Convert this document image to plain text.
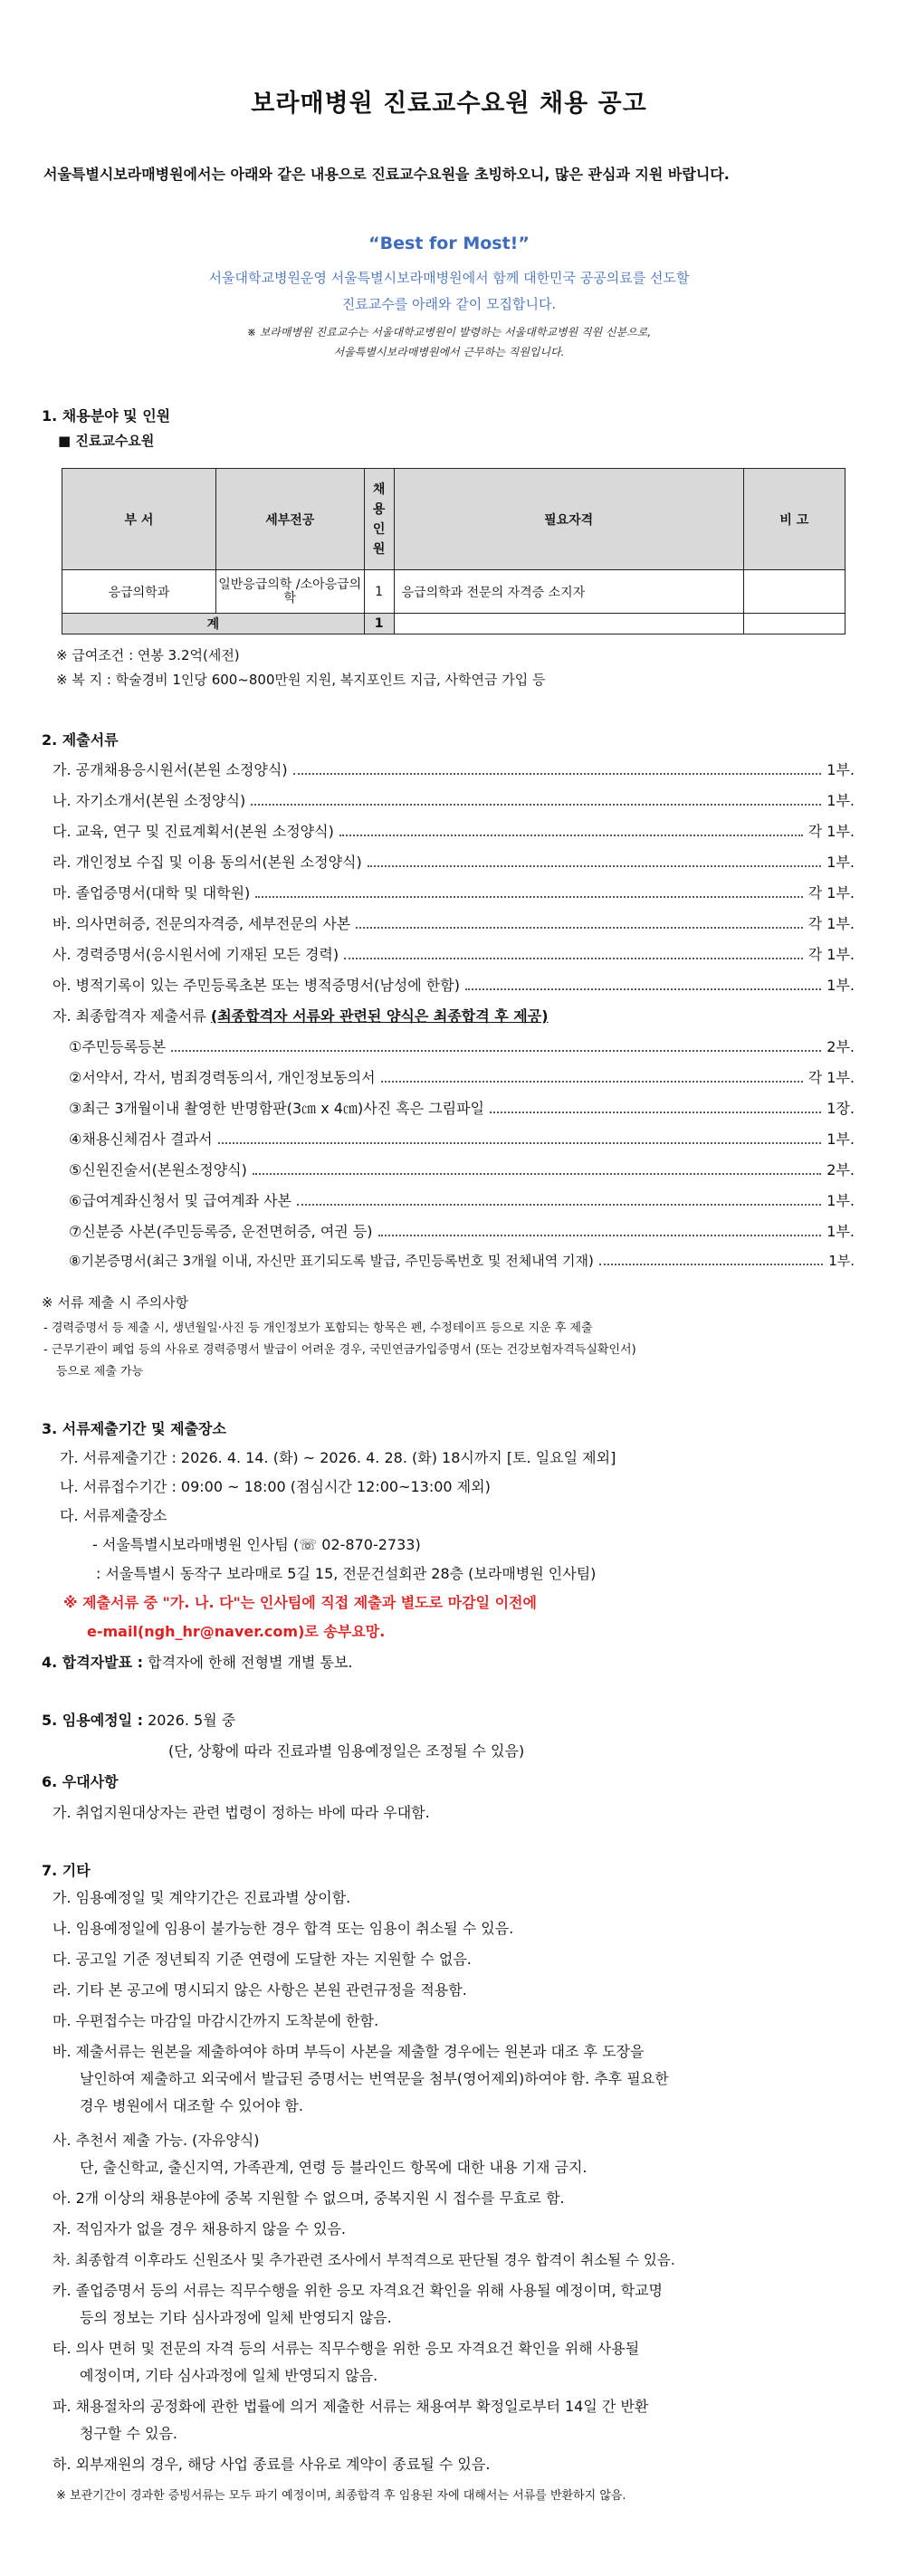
보라매병원 진료교수요원 채용 공고
서울특별시보라매병원에서는 아래와 같은 내용으로 진료교수요원을 초빙하오니, 많은 관심과 지원 바랍니다.
“Best for Most!”
서울대학교병원운영 서울특별시보라매병원에서 함께 대한민국 공공의료를 선도할
진료교수를 아래와 같이 모집합니다.
※ 보라매병원 진료교수는 서울대학교병원이 발령하는 서울대학교병원 직원 신분으로,
서울특별시보라매병원에서 근무하는 직원입니다.
1. 채용분야 및 인원
■ 진료교수요원
부 서	세부전공	채 용 인 원	필요자격	비 고
응급의학과	일반응급의학 /소아응급의학	1	응급의학과 전문의 자격증 소지자	
계		1		
※ 급여조건 : 연봉 3.2억(세전)
※ 복 지 : 학술경비 1인당 600~800만원 지원, 복지포인트 지급, 사학연금 가입 등
2. 제출서류
가. 공개채용응시원서(본원 소정양식)	1부.
나. 자기소개서(본원 소정양식)	1부.
다. 교육, 연구 및 진료계획서(본원 소정양식)	각 1부.
라. 개인정보 수집 및 이용 동의서(본원 소정양식)	1부.
마. 졸업증명서(대학 및 대학원)	각 1부.
바. 의사면허증, 전문의자격증, 세부전문의 사본	각 1부.
사. 경력증명서(응시원서에 기재된 모든 경력)	각 1부.
아. 병적기록이 있는 주민등록초본 또는 병적증명서(남성에 한함)	1부.
자. 최종합격자 제출서류 (최종합격자 서류와 관련된 양식은 최종합격 후 제공)
①주민등록등본	2부.
②서약서, 각서, 범죄경력동의서, 개인정보동의서	각 1부.
③최근 3개월이내 촬영한 반명함판(3㎝ x 4㎝)사진 혹은 그림파일	1장.
④채용신체검사 결과서	1부.
⑤신원진술서(본원소정양식)	2부.
⑥급여계좌신청서 및 급여계좌 사본	1부.
⑦신분증 사본(주민등록증, 운전면허증, 여권 등)	1부.
⑧기본증명서(최근 3개월 이내, 자신만 표기되도록 발급, 주민등록번호 및 전체내역 기재)	1부.
※ 서류 제출 시 주의사항
- 경력증명서 등 제출 시, 생년월일·사진 등 개인정보가 포함되는 항목은 펜, 수정테이프 등으로 지운 후 제출
- 근무기관이 폐업 등의 사유로 경력증명서 발급이 어려운 경우, 국민연금가입증명서 (또는 건강보험자격득실확인서)
등으로 제출 가능
3. 서류제출기간 및 제출장소
가. 서류제출기간 : 2026. 4. 14. (화) ~ 2026. 4. 28. (화) 18시까지 [토. 일요일 제외]
나. 서류접수기간 : 09:00 ~ 18:00 (점심시간 12:00~13:00 제외)
다. 서류제출장소
- 서울특별시보라매병원 인사팀 (☏ 02-870-2733)
: 서울특별시 동작구 보라매로 5길 15, 전문건설회관 28층 (보라매병원 인사팀)
※ 제출서류 중 "가. 나. 다"는 인사팀에 직접 제출과 별도로 마감일 이전에
e-mail(ngh_hr@naver.com)로 송부요망.
4. 합격자발표 : 합격자에 한해 전형별 개별 통보.
5. 임용예정일 : 2026. 5월 중
(단, 상황에 따라 진료과별 임용예정일은 조정될 수 있음)
6. 우대사항
가. 취업지원대상자는 관련 법령이 정하는 바에 따라 우대함.
7. 기타
가. 임용예정일 및 계약기간은 진료과별 상이함.
나. 임용예정일에 임용이 불가능한 경우 합격 또는 임용이 취소될 수 있음.
다. 공고일 기준 정년퇴직 기준 연령에 도달한 자는 지원할 수 없음.
라. 기타 본 공고에 명시되지 않은 사항은 본원 관련규정을 적용함.
마. 우편접수는 마감일 마감시간까지 도착분에 한함.
바. 제출서류는 원본을 제출하여야 하며 부득이 사본을 제출할 경우에는 원본과 대조 후 도장을
날인하여 제출하고 외국에서 발급된 증명서는 번역문을 첨부(영어제외)하여야 함. 추후 필요한
경우 병원에서 대조할 수 있어야 함.
사. 추천서 제출 가능. (자유양식)
단, 출신학교, 출신지역, 가족관계, 연령 등 블라인드 항목에 대한 내용 기재 금지.
아. 2개 이상의 채용분야에 중복 지원할 수 없으며, 중복지원 시 접수를 무효로 함.
자. 적임자가 없을 경우 채용하지 않을 수 있음.
차. 최종합격 이후라도 신원조사 및 추가관련 조사에서 부적격으로 판단될 경우 합격이 취소될 수 있음.
카. 졸업증명서 등의 서류는 직무수행을 위한 응모 자격요건 확인을 위해 사용될 예정이며, 학교명
등의 정보는 기타 심사과정에 일체 반영되지 않음.
타. 의사 면허 및 전문의 자격 등의 서류는 직무수행을 위한 응모 자격요건 확인을 위해 사용될
예정이며, 기타 심사과정에 일체 반영되지 않음.
파. 채용절차의 공정화에 관한 법률에 의거 제출한 서류는 채용여부 확정일로부터 14일 간 반환
청구할 수 있음.
하. 외부재원의 경우, 해당 사업 종료를 사유로 계약이 종료될 수 있음.
※ 보관기간이 경과한 증빙서류는 모두 파기 예정이며, 최종합격 후 임용된 자에 대해서는 서류를 반환하지 않음.
